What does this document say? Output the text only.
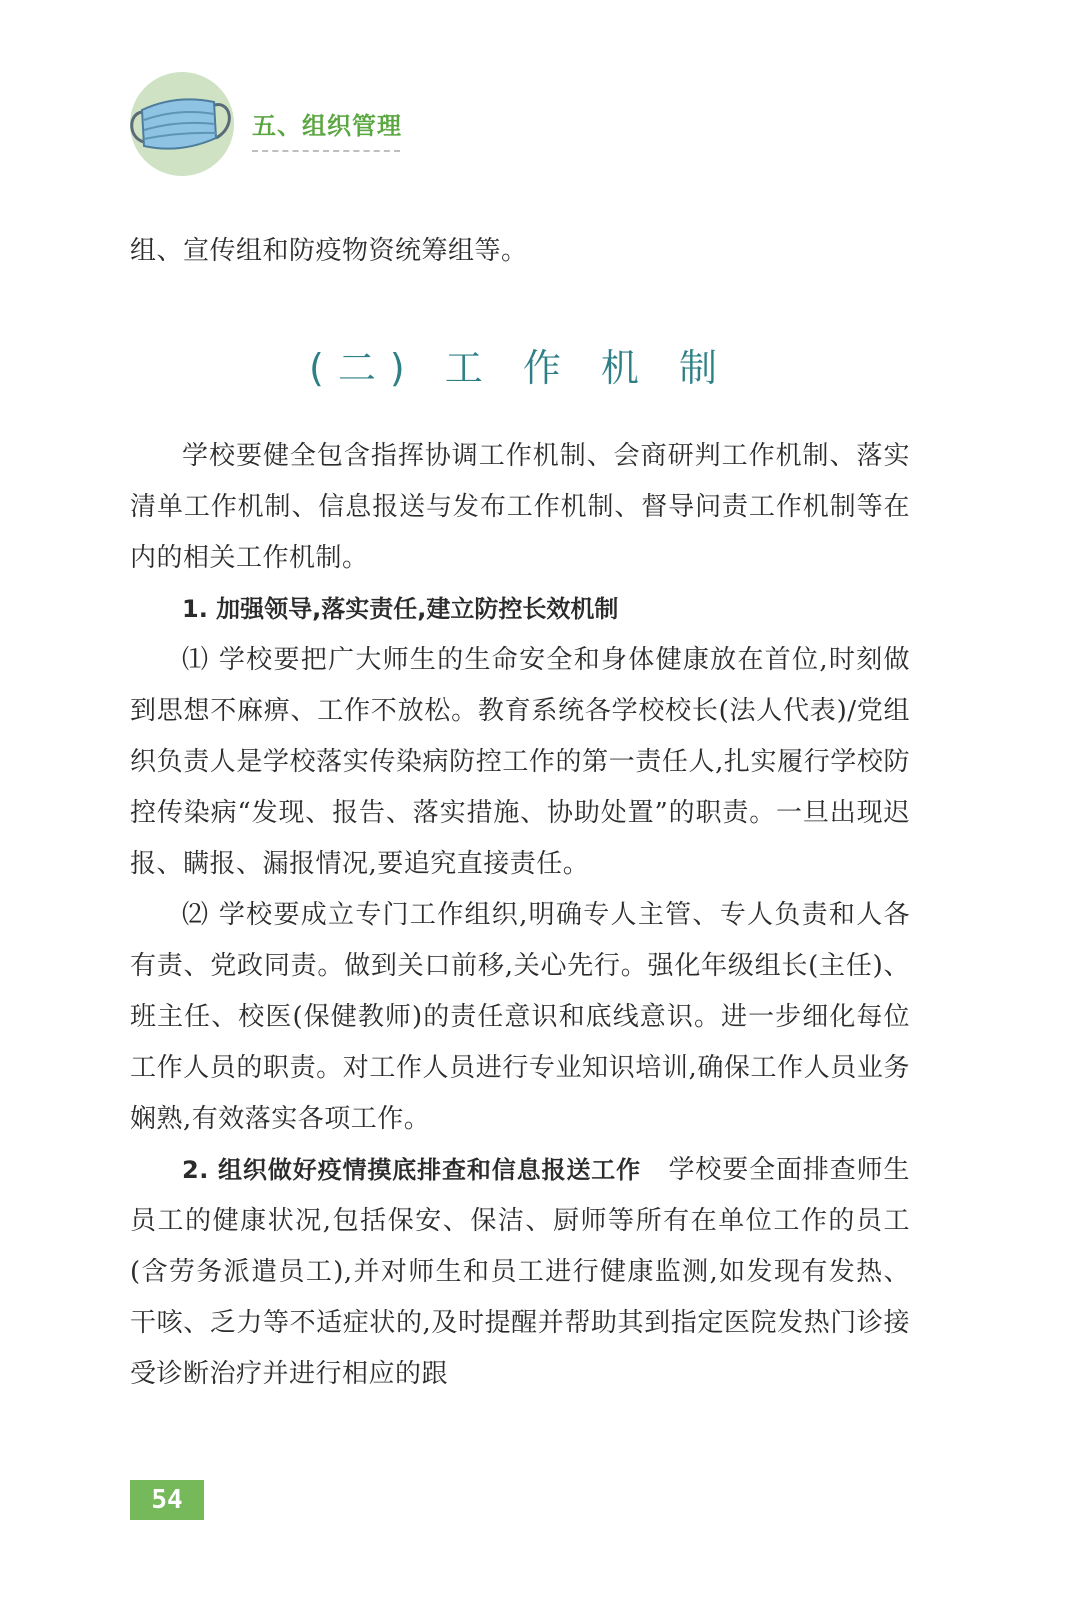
五、组织管理

组、宣传组和防疫物资统筹组等。

(二) 工 作 机 制

学校要健全包含指挥协调工作机制、会商研判工作机制、落实清单工作机制、信息报送与发布工作机制、督导问责工作机制等在内的相关工作机制。

1. 加强领导,落实责任,建立防控长效机制

⑴ 学校要把广大师生的生命安全和身体健康放在首位,时刻做到思想不麻痹、工作不放松。教育系统各学校校长(法人代表)/党组织负责人是学校落实传染病防控工作的第一责任人,扎实履行学校防控传染病“发现、报告、落实措施、协助处置”的职责。一旦出现迟报、瞒报、漏报情况,要追究直接责任。

⑵ 学校要成立专门工作组织,明确专人主管、专人负责和人各有责、党政同责。做到关口前移,关心先行。强化年级组长(主任)、班主任、校医(保健教师)的责任意识和底线意识。进一步细化每位工作人员的职责。对工作人员进行专业知识培训,确保工作人员业务娴熟,有效落实各项工作。

2. 组织做好疫情摸底排查和信息报送工作 学校要全面排查师生员工的健康状况,包括保安、保洁、厨师等所有在单位工作的员工(含劳务派遣员工),并对师生和员工进行健康监测,如发现有发热、干咳、乏力等不适症状的,及时提醒并帮助其到指定医院发热门诊接受诊断治疗并进行相应的跟

54
